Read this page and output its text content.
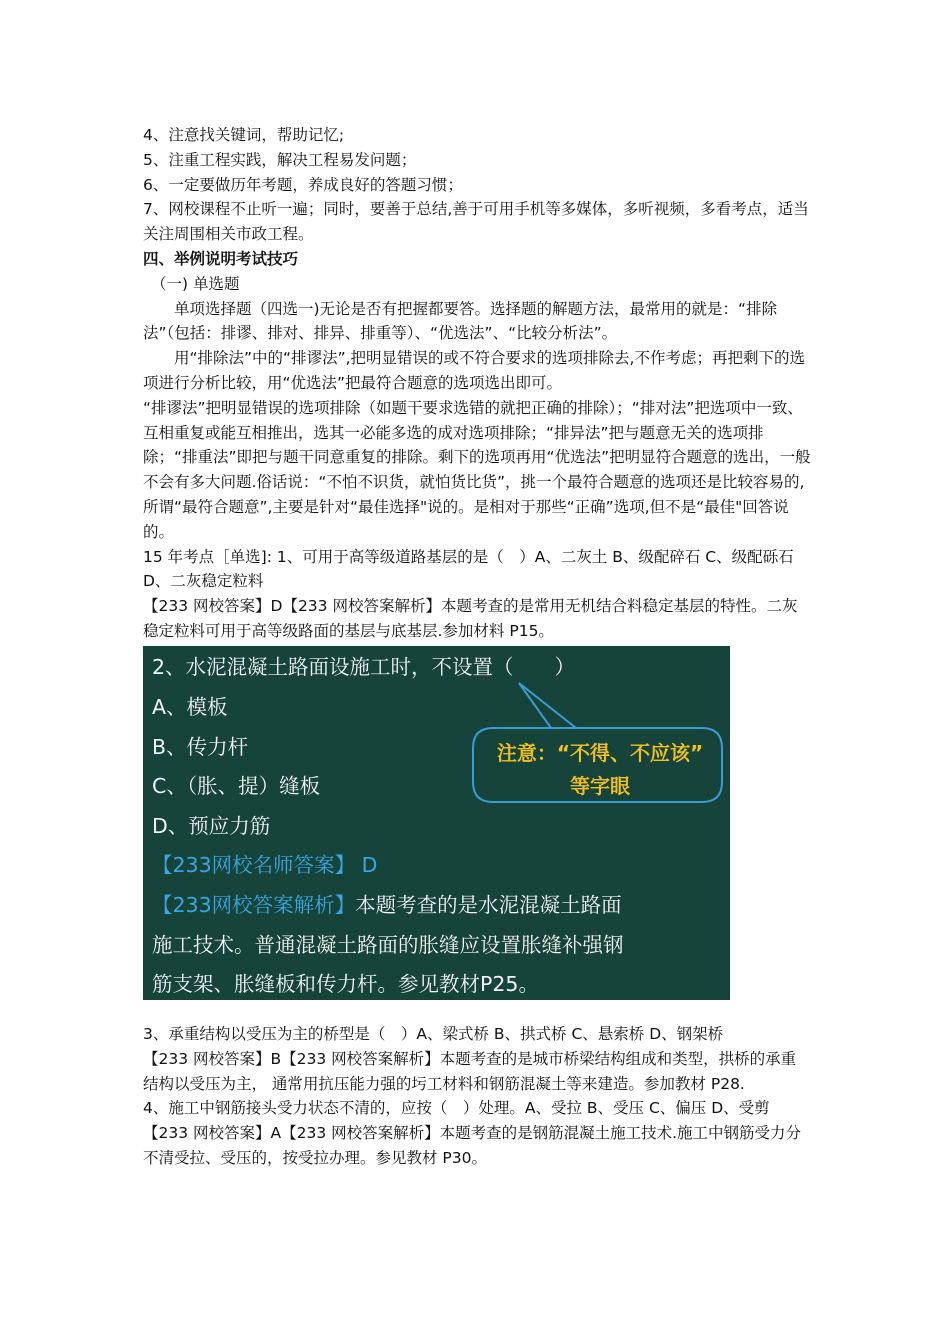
4、注意找关键词，帮助记忆;

5、注重工程实践，解决工程易发问题；

6、一定要做历年考题，养成良好的答题习惯；

7、网校课程不止听一遍；同时，要善于总结,善于可用手机等多媒体，多听视频，多看考点，适当关注周围相关市政工程。

四、举例说明考试技巧

（一) 单选题

单项选择题（四选一)无论是否有把握都要答。选择题的解题方法，最常用的就是：“排除法”（包括：排谬、排对、排异、排重等）、“优选法”、“比较分析法”。

用“排除法”中的“排谬法”,把明显错误的或不符合要求的选项排除去,不作考虑；再把剩下的选项进行分析比较，用“优选法”把最符合题意的选项选出即可。

“排谬法”把明显错误的选项排除（如题干要求选错的就把正确的排除）；“排对法”把选项中一致、互相重复或能互相推出，选其一必能多选的成对选项排除；“排异法”把与题意无关的选项排除；“排重法”即把与题干同意重复的排除。剩下的选项再用“优选法”把明显符合题意的选出，一般不会有多大问题.俗话说：“不怕不识货，就怕货比货”，挑一个最符合题意的选项还是比较容易的,所谓“最符合题意”,主要是针对“最佳选择"说的。是相对于那些“正确”选项,但不是“最佳"回答说的。

15 年考点［单选]: 1、可用于高等级道路基层的是（　）A、二灰土 B、级配碎石 C、级配砾石 D、二灰稳定粒料

【233 网校答案】D【233 网校答案解析】本题考查的是常用无机结合料稳定基层的特性。二灰稳定粒料可用于高等级路面的基层与底基层.参加材料 P15。

2、水泥混凝土路面设施工时，不设置（　　）
A、模板
B、传力杆
C、（胀、提）缝板
D、预应力筋
【233网校名师答案】 D
【233网校答案解析】本题考查的是水泥混凝土路面
施工技术。普通混凝土路面的胀缝应设置胀缝补强钢
筋支架、胀缝板和传力杆。参见教材P25。
注意：“不得、不应该”
等字眼

3、承重结构以受压为主的桥型是（　）A、梁式桥 B、拱式桥 C、悬索桥 D、钢架桥

【233 网校答案】B【233 网校答案解析】本题考查的是城市桥梁结构组成和类型，拱桥的承重结构以受压为主， 通常用抗压能力强的圬工材料和钢筋混凝土等来建造。参加教材 P28.

4、施工中钢筋接头受力状态不清的，应按（　）处理。A、受拉 B、受压 C、偏压 D、受剪

【233 网校答案】A【233 网校答案解析】本题考查的是钢筋混凝土施工技术.施工中钢筋受力分不清受拉、受压的，按受拉办理。参见教材 P30。
